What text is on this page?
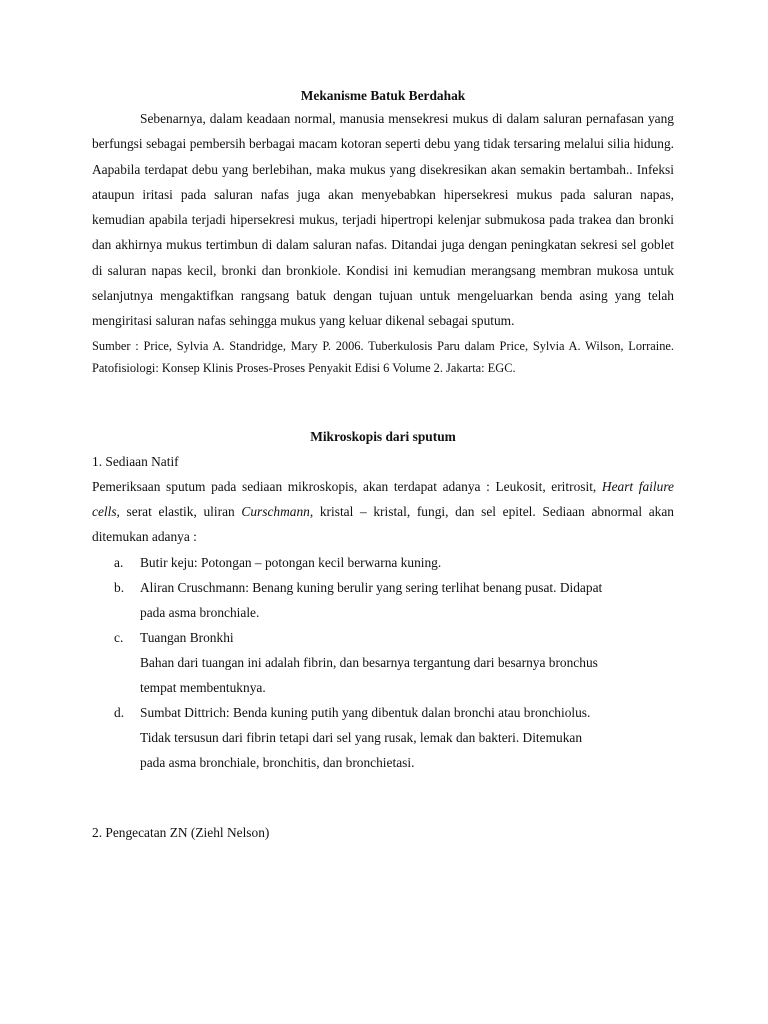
Mekanisme Batuk Berdahak

Sebenarnya, dalam keadaan normal, manusia mensekresi mukus di dalam saluran pernafasan yang berfungsi sebagai pembersih berbagai macam kotoran seperti debu yang tidak tersaring melalui silia hidung. Aapabila terdapat debu yang berlebihan, maka mukus yang disekresikan akan semakin bertambah.. Infeksi ataupun iritasi pada saluran nafas juga akan menyebabkan hipersekresi mukus pada saluran napas, kemudian apabila terjadi hipersekresi mukus, terjadi hipertropi kelenjar submukosa pada trakea dan bronki dan akhirnya mukus tertimbun di dalam saluran nafas. Ditandai juga dengan peningkatan sekresi sel goblet di saluran napas kecil, bronki dan bronkiole. Kondisi ini kemudian merangsang membran mukosa untuk selanjutnya mengaktifkan rangsang batuk dengan tujuan untuk mengeluarkan benda asing yang telah mengiritasi saluran nafas sehingga mukus yang keluar dikenal sebagai sputum.

Sumber : Price, Sylvia A. Standridge, Mary P. 2006. Tuberkulosis Paru dalam Price, Sylvia A. Wilson, Lorraine. Patofisiologi: Konsep Klinis Proses-Proses Penyakit Edisi 6 Volume 2. Jakarta: EGC.

Mikroskopis dari sputum
1. Sediaan Natif

Pemeriksaan sputum pada sediaan mikroskopis, akan terdapat adanya : Leukosit, eritrosit, Heart failure cells, serat elastik, uliran Curschmann, kristal – kristal, fungi, dan sel epitel. Sediaan abnormal akan ditemukan adanya :

a. Butir keju: Potongan – potongan kecil berwarna kuning.
b. Aliran Cruschmann: Benang kuning berulir yang sering terlihat benang pusat. Didapat
pada asma bronchiale.
c. Tuangan Bronkhi
Bahan dari tuangan ini adalah fibrin, dan besarnya tergantung dari besarnya bronchus
tempat membentuknya.
d. Sumbat Dittrich: Benda kuning putih yang dibentuk dalan bronchi atau bronchiolus.
Tidak tersusun dari fibrin tetapi dari sel yang rusak, lemak dan bakteri. Ditemukan
pada asma bronchiale, bronchitis, dan bronchietasi.
2. Pengecatan ZN (Ziehl Nelson)
